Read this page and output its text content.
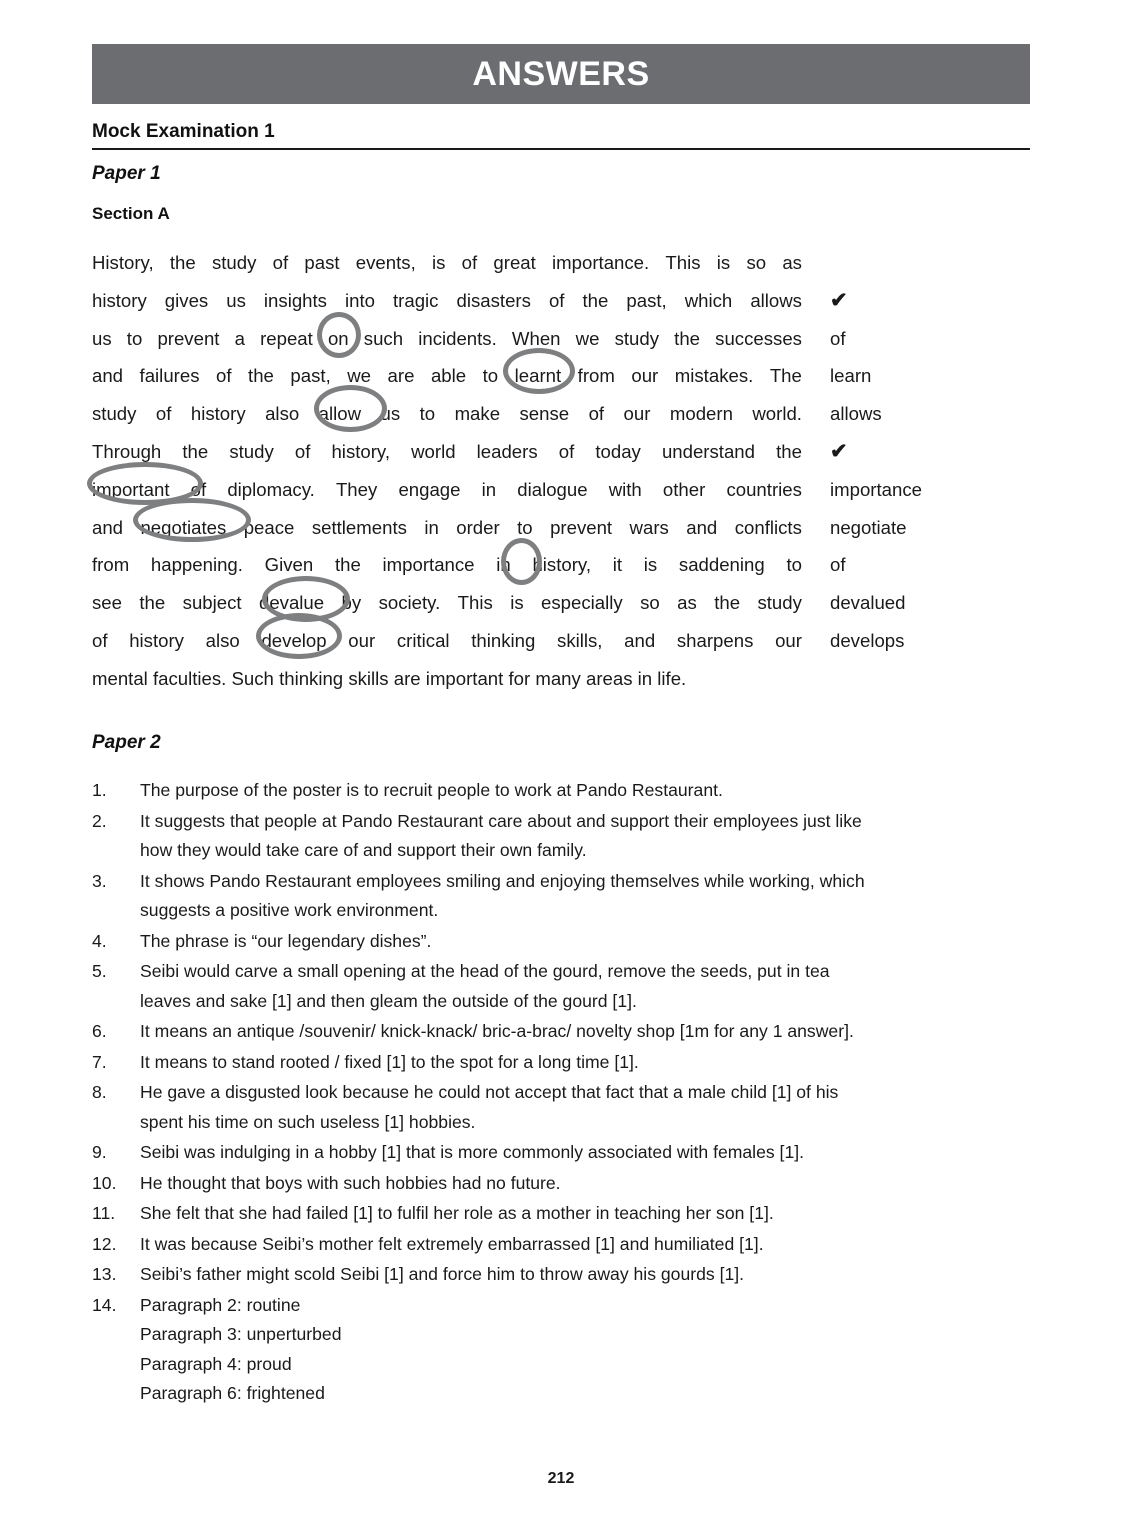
ANSWERS
Mock Examination 1
Paper 1
Section A
History, the study of past events, is of great importance. This is so as
history gives us insights into tragic disasters of the past, which allows
us to prevent a repeat on such incidents. When we study the successes
and failures of the past, we are able to learnt from our mistakes. The
study of history also allow us to make sense of our modern world.
Through the study of history, world leaders of today understand the
important of diplomacy. They engage in dialogue with other countries
and negotiates peace settlements in order to prevent wars and conflicts
from happening. Given the importance in history, it is saddening to
see the subject devalue by society. This is especially so as the study
of history also develop our critical thinking skills, and sharpens our
mental faculties. Such thinking skills are important for many areas in life.

✔
of
learn
allows
✔
importance
negotiate
of
devalued
develops
Paper 2
1.	The purpose of the poster is to recruit people to work at Pando Restaurant.
2.	It suggests that people at Pando Restaurant care about and support their employees just like
how they would take care of and support their own family.
3.	It shows Pando Restaurant employees smiling and enjoying themselves while working, which
suggests a positive work environment.
4.	The phrase is “our legendary dishes”.
5.	Seibi would carve a small opening at the head of the gourd, remove the seeds, put in tea
leaves and sake [1] and then gleam the outside of the gourd [1].
6.	It means an antique /souvenir/ knick-knack/ bric-a-brac/ novelty shop [1m for any 1 answer].
7.	It means to stand rooted / fixed [1] to the spot for a long time [1].
8.	He gave a disgusted look because he could not accept that fact that a male child [1] of his
spent his time on such useless [1] hobbies.
9.	Seibi was indulging in a hobby [1] that is more commonly associated with females [1].
10.	He thought that boys with such hobbies had no future.
11.	She felt that she had failed [1] to fulfil her role as a mother in teaching her son [1].
12.	It was because Seibi’s mother felt extremely embarrassed [1] and humiliated [1].
13.	Seibi’s father might scold Seibi [1] and force him to throw away his gourds [1].
14.	Paragraph 2: routine
Paragraph 3: unperturbed
Paragraph 4: proud
Paragraph 6: frightened
212
